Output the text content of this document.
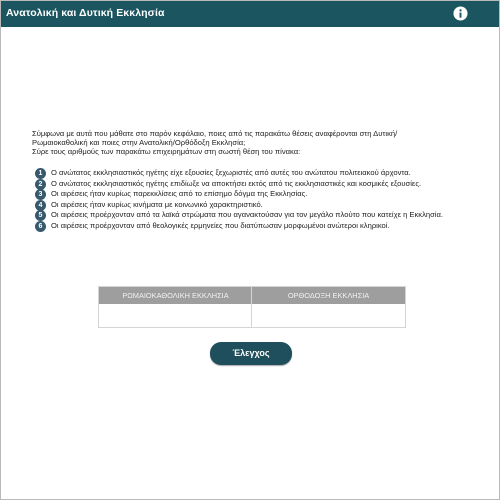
Ανατολική και Δυτική Εκκλησία

Σύμφωνα με αυτά που μάθατε στο παρόν κεφάλαιο, ποιες από τις παρακάτω θέσεις αναφέρονται στη Δυτική/

Ρωμαιοκαθολική και ποιες στην Ανατολική/Ορθόδοξη Εκκλησία;

Σύρε τους αριθμούς των παρακάτω επιχειρημάτων στη σωστή θέση του πίνακα:

1	Ο ανώτατος εκκλησιαστικός ηγέτης είχε εξουσίες ξεχωριστές από αυτές του ανώτατου πολιτειακού άρχοντα.
2	Ο ανώτατος εκκλησιαστικός ηγέτης επιδίωξε να αποκτήσει εκτός από τις εκκλησιαστικές και κοσμικές εξουσίες.
3	Οι αιρέσεις ήταν κυρίως παρεκκλίσεις από το επίσημο δόγμα της Εκκλησίας.
4	Οι αιρέσεις ήταν κυρίως κινήματα με κοινωνικό χαρακτηριστικό.
5	Οι αιρέσεις προέρχονταν από τα λαϊκά στρώματα που αγανακτούσαν για τον μεγάλο πλούτο που κατείχε η Εκκλησία.
6	Οι αιρέσεις προέρχονταν από θεολογικές ερμηνείες που διατύπωσαν μορφωμένοι ανώτεροι κληρικοί.
ΡΩΜΑΙΟΚΑΘΟΛΙΚΗ ΕΚΚΛΗΣΙΑ	ΟΡΘΟΔΟΞΗ ΕΚΚΛΗΣΙΑ
Έλεγχος
